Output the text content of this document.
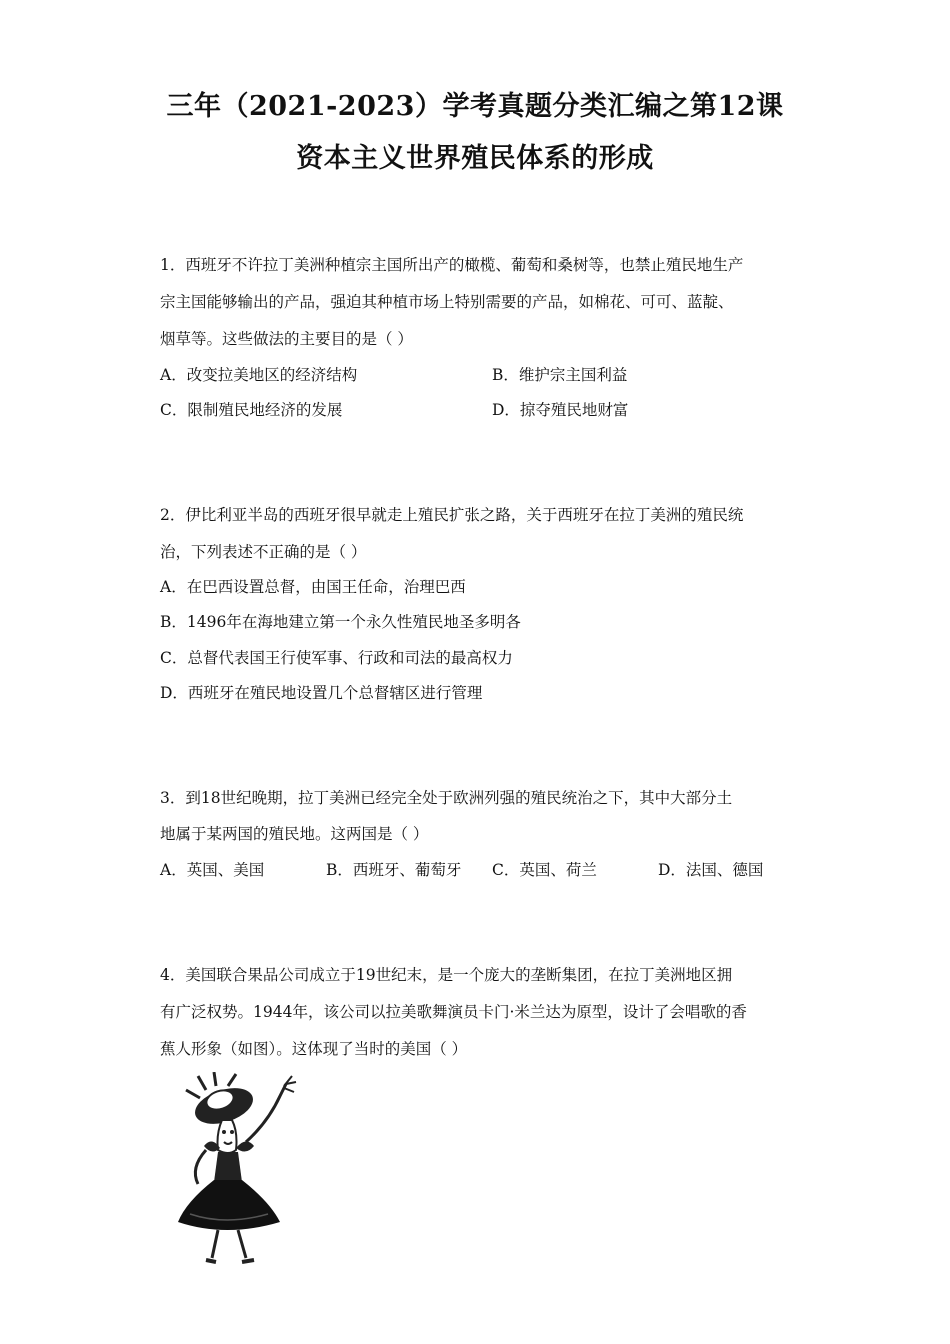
三年（2021-2023）学考真题分类汇编之第12课
资本主义世界殖民体系的形成
1．西班牙不许拉丁美洲种植宗主国所出产的橄榄、葡萄和桑树等，也禁止殖民地生产
宗主国能够输出的产品，强迫其种植市场上特别需要的产品，如棉花、可可、蓝靛、
烟草等。这些做法的主要目的是（ ）
A．改变拉美地区的经济结构	B．维护宗主国利益
C．限制殖民地经济的发展	D．掠夺殖民地财富
2．伊比利亚半岛的西班牙很早就走上殖民扩张之路，关于西班牙在拉丁美洲的殖民统
治，下列表述不正确的是（ ）
A．在巴西设置总督，由国王任命，治理巴西
B．1496年在海地建立第一个永久性殖民地圣多明各
C．总督代表国王行使军事、行政和司法的最高权力
D．西班牙在殖民地设置几个总督辖区进行管理
3．到18世纪晚期，拉丁美洲已经完全处于欧洲列强的殖民统治之下，其中大部分土
地属于某两国的殖民地。这两国是（ ）
A．英国、美国	B．西班牙、葡萄牙 C．英国、荷兰	D．法国、德国
4．美国联合果品公司成立于19世纪末，是一个庞大的垄断集团，在拉丁美洲地区拥
有广泛权势。1944年，该公司以拉美歌舞演员卡门·米兰达为原型，设计了会唱歌的香
蕉人形象（如图）。这体现了当时的美国（ ）
